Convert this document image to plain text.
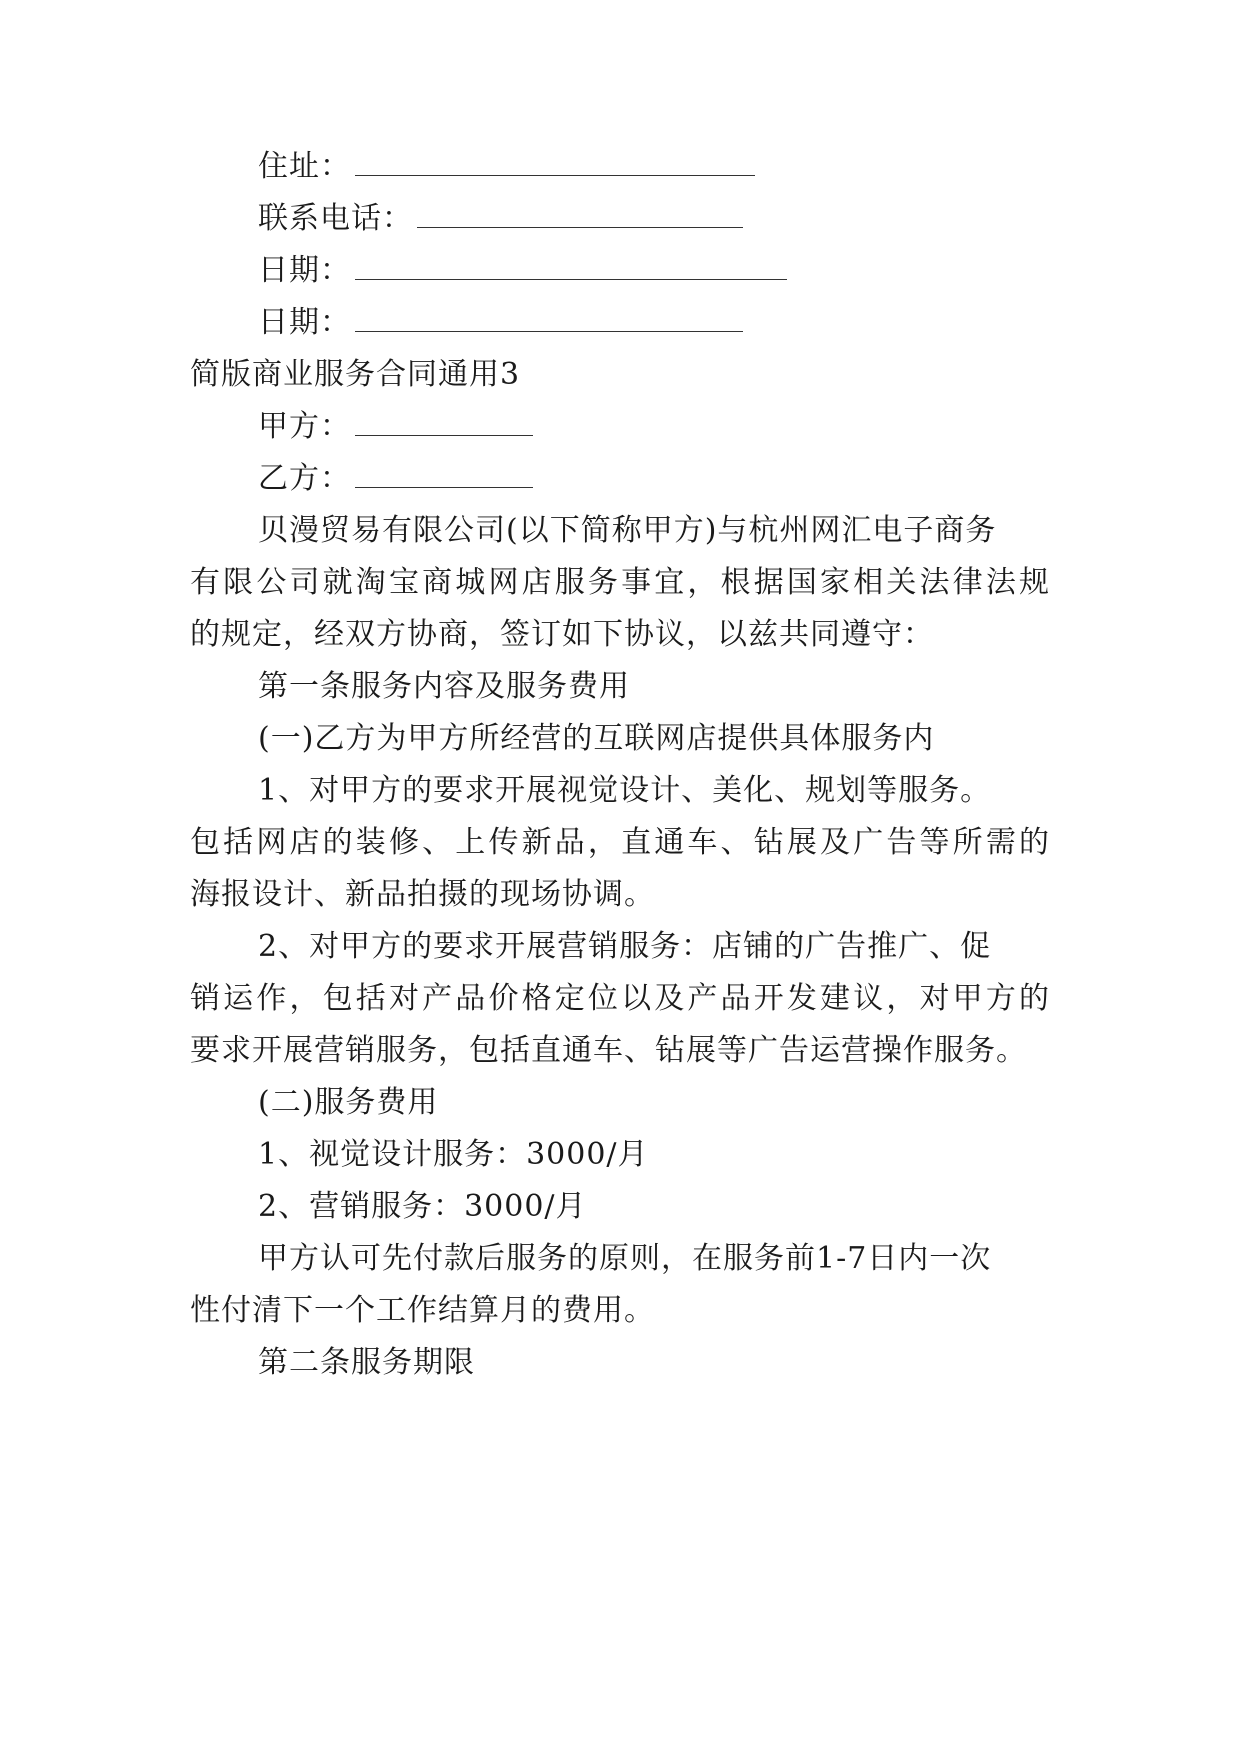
住址：
联系电话：
日期：
日期：
简版商业服务合同通用3
甲方：
乙方：
贝漫贸易有限公司(以下简称甲方)与杭州网汇电子商务
有限公司就淘宝商城网店服务事宜，根据国家相关法律法规
的规定，经双方协商，签订如下协议，以兹共同遵守：
第一条服务内容及服务费用
(一)乙方为甲方所经营的互联网店提供具体服务内
1、对甲方的要求开展视觉设计、美化、规划等服务。
包括网店的装修、上传新品，直通车、钻展及广告等所需的
海报设计、新品拍摄的现场协调。
2、对甲方的要求开展营销服务：店铺的广告推广、促
销运作，包括对产品价格定位以及产品开发建议，对甲方的
要求开展营销服务，包括直通车、钻展等广告运营操作服务。
(二)服务费用
1、视觉设计服务：3000/月
2、营销服务：3000/月
甲方认可先付款后服务的原则，在服务前1-7日内一次
性付清下一个工作结算月的费用。
第二条服务期限
